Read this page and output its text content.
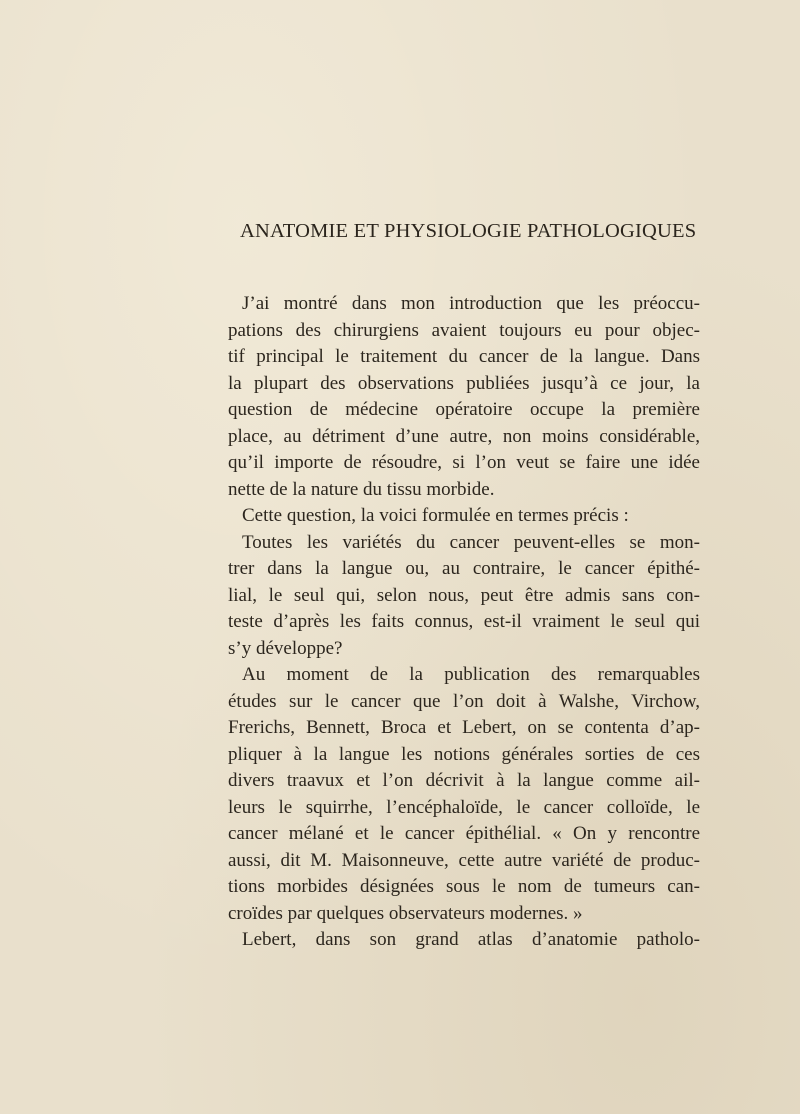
ANATOMIE ET PHYSIOLOGIE PATHOLOGIQUES
J’ai montré dans mon introduction que les préoccu-
pations des chirurgiens avaient toujours eu pour objec-
tif principal le traitement du cancer de la langue. Dans
la plupart des observations publiées jusqu’à ce jour, la
question de médecine opératoire occupe la première
place, au détriment d’une autre, non moins considérable,
qu’il importe de résoudre, si l’on veut se faire une idée
nette de la nature du tissu morbide.
Cette question, la voici formulée en termes précis :
Toutes les variétés du cancer peuvent-elles se mon-
trer dans la langue ou, au contraire, le cancer épithé-
lial, le seul qui, selon nous, peut être admis sans con-
teste d’après les faits connus, est-il vraiment le seul qui
s’y développe?
Au moment de la publication des remarquables
études sur le cancer que l’on doit à Walshe, Virchow,
Frerichs, Bennett, Broca et Lebert, on se contenta d’ap-
pliquer à la langue les notions générales sorties de ces
divers traavux et l’on décrivit à la langue comme ail-
leurs le squirrhe, l’encéphaloïde, le cancer colloïde, le
cancer mélané et le cancer épithélial. « On y rencontre
aussi, dit M. Maisonneuve, cette autre variété de produc-
tions morbides désignées sous le nom de tumeurs can-
croïdes par quelques observateurs modernes. »
Lebert, dans son grand atlas d’anatomie patholo-
